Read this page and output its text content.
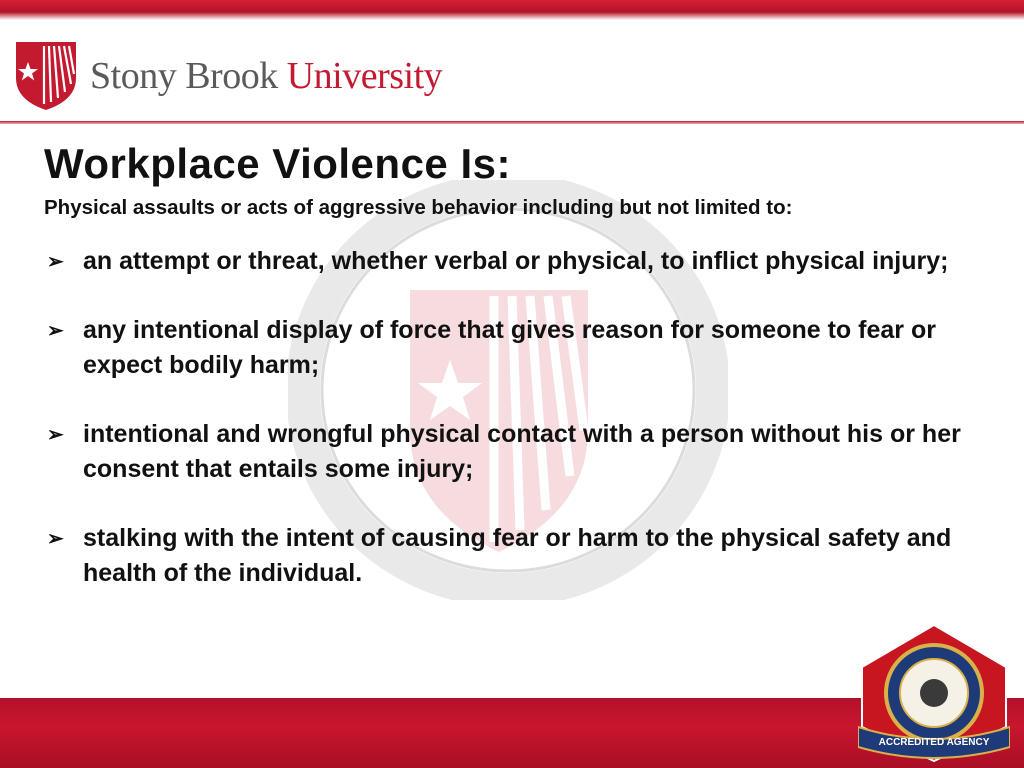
Stony Brook University
Workplace Violence Is:

Physical assaults or acts of aggressive behavior including but not limited to:

➢ an attempt or threat, whether verbal or physical, to inflict physical injury;
➢ any intentional display of force that gives reason for someone to fear or expect bodily harm;
➢ intentional and wrongful physical contact with a person without his or her consent that entails some injury;
➢ stalking with the intent of causing fear or harm to the physical safety and health of the individual.
ACCREDITED AGENCY
